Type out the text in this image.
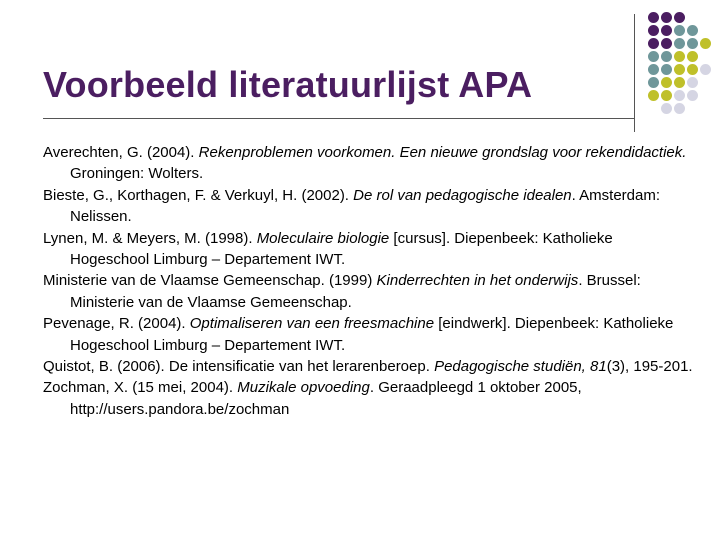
Voorbeeld literatuurlijst APA

Averechten, G. (2004). Rekenproblemen voorkomen. Een nieuwe grondslag voor rekendidactiek. Groningen: Wolters.

Bieste, G., Korthagen, F. & Verkuyl, H. (2002). De rol van pedagogische idealen. Amsterdam: Nelissen.

Lynen, M. & Meyers, M. (1998). Moleculaire biologie [cursus]. Diepenbeek: Katholieke Hogeschool Limburg – Departement IWT.

Ministerie van de Vlaamse Gemeenschap. (1999) Kinderrechten in het onderwijs. Brussel: Ministerie van de Vlaamse Gemeenschap.

Pevenage, R. (2004). Optimaliseren van een freesmachine [eindwerk]. Diepenbeek: Katholieke Hogeschool Limburg – Departement IWT.

Quistot, B. (2006). De intensificatie van het lerarenberoep. Pedagogische studiën, 81(3), 195-201.

Zochman, X. (15 mei, 2004). Muzikale opvoeding. Geraadpleegd 1 oktober 2005, http://users.pandora.be/zochman
